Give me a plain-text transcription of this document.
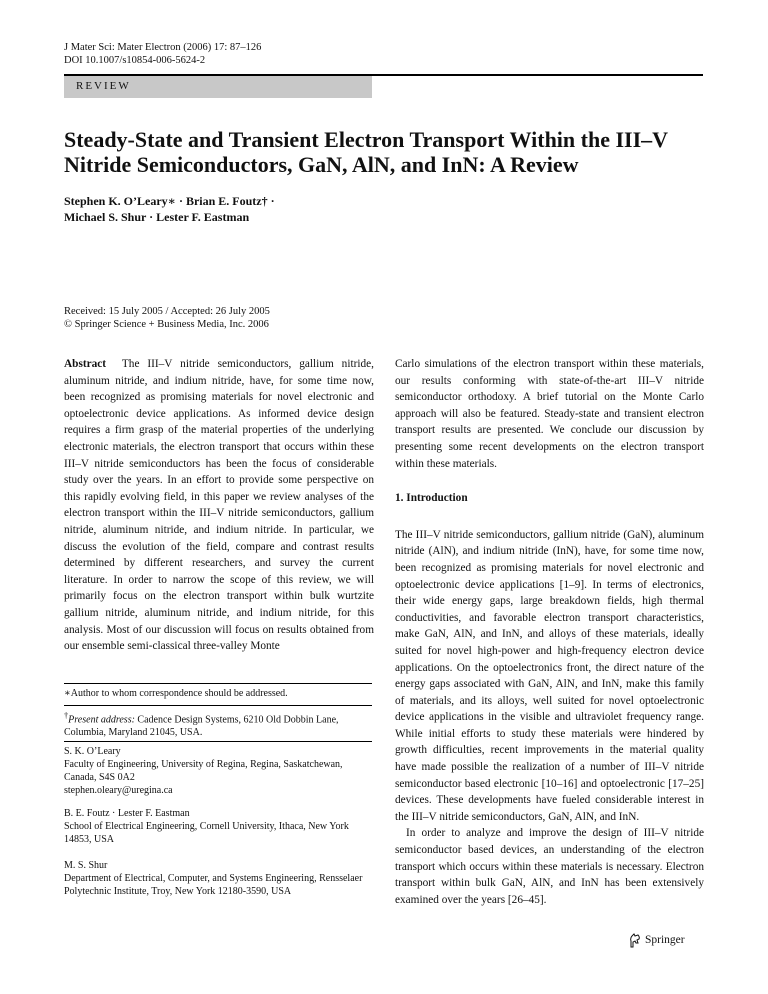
J Mater Sci: Mater Electron (2006) 17: 87–126
DOI 10.1007/s10854-006-5624-2
REVIEW
Steady-State and Transient Electron Transport Within the III–V Nitride Semiconductors, GaN, AlN, and InN: A Review
Stephen K. O’Leary∗ · Brian E. Foutz† ·
Michael S. Shur · Lester F. Eastman
Received: 15 July 2005 / Accepted: 26 July 2005
© Springer Science + Business Media, Inc. 2006

Abstract The III–V nitride semiconductors, gallium nitride, aluminum nitride, and indium nitride, have, for some time now, been recognized as promising materials for novel electronic and optoelectronic device applications. As informed device design requires a firm grasp of the material properties of the underlying electronic materials, the electron transport that occurs within these III–V nitride semiconductors has been the focus of considerable study over the years. In an effort to provide some perspective on this rapidly evolving field, in this paper we review analyses of the electron transport within the III–V nitride semiconductors, gallium nitride, aluminum nitride, and indium nitride. In particular, we discuss the evolution of the field, compare and contrast results determined by different researchers, and survey the current literature. In order to narrow the scope of this review, we will primarily focus on the electron transport within bulk wurtzite gallium nitride, aluminum nitride, and indium nitride, for this analysis. Most of our discussion will focus on results obtained from our ensemble semi-classical three-valley Monte

∗Author to whom correspondence should be addressed.
†Present address: Cadence Design Systems, 6210 Old Dobbin Lane, Columbia, Maryland 21045, USA.
S. K. O’Leary
Faculty of Engineering, University of Regina, Regina, Saskatchewan, Canada, S4S 0A2
stephen.oleary@uregina.ca
B. E. Foutz · Lester F. Eastman
School of Electrical Engineering, Cornell University, Ithaca, New York 14853, USA
M. S. Shur
Department of Electrical, Computer, and Systems Engineering, Rensselaer Polytechnic Institute, Troy, New York 12180-3590, USA

Carlo simulations of the electron transport within these materials, our results conforming with state-of-the-art III–V nitride semiconductor orthodoxy. A brief tutorial on the Monte Carlo approach will also be featured. Steady-state and transient electron transport results are presented. We conclude our discussion by presenting some recent developments on the electron transport within these materials.

1. Introduction

The III–V nitride semiconductors, gallium nitride (GaN), aluminum nitride (AlN), and indium nitride (InN), have, for some time now, been recognized as promising materials for novel electronic and optoelectronic device applications [1–9]. In terms of electronics, their wide energy gaps, large breakdown fields, high thermal conductivities, and favorable electron transport characteristics, make GaN, AlN, and InN, and alloys of these materials, ideally suited for novel high-power and high-frequency electron device applications. On the optoelectronics front, the direct nature of the energy gaps associated with GaN, AlN, and InN, make this family of materials, and its alloys, well suited for novel optoelectronic device applications in the visible and ultraviolet frequency range. While initial efforts to study these materials were hindered by growth difficulties, recent improvements in the material quality have made possible the realization of a number of III–V nitride semiconductor based electronic [10–16] and optoelectronic [17–25] devices. These developments have fueled considerable interest in the III–V nitride semiconductors, GaN, AlN, and InN.

In order to analyze and improve the design of III–V nitride semiconductor based devices, an understanding of the electron transport which occurs within these materials is necessary. Electron transport within bulk GaN, AlN, and InN has been extensively examined over the years [26–45].

Springer
